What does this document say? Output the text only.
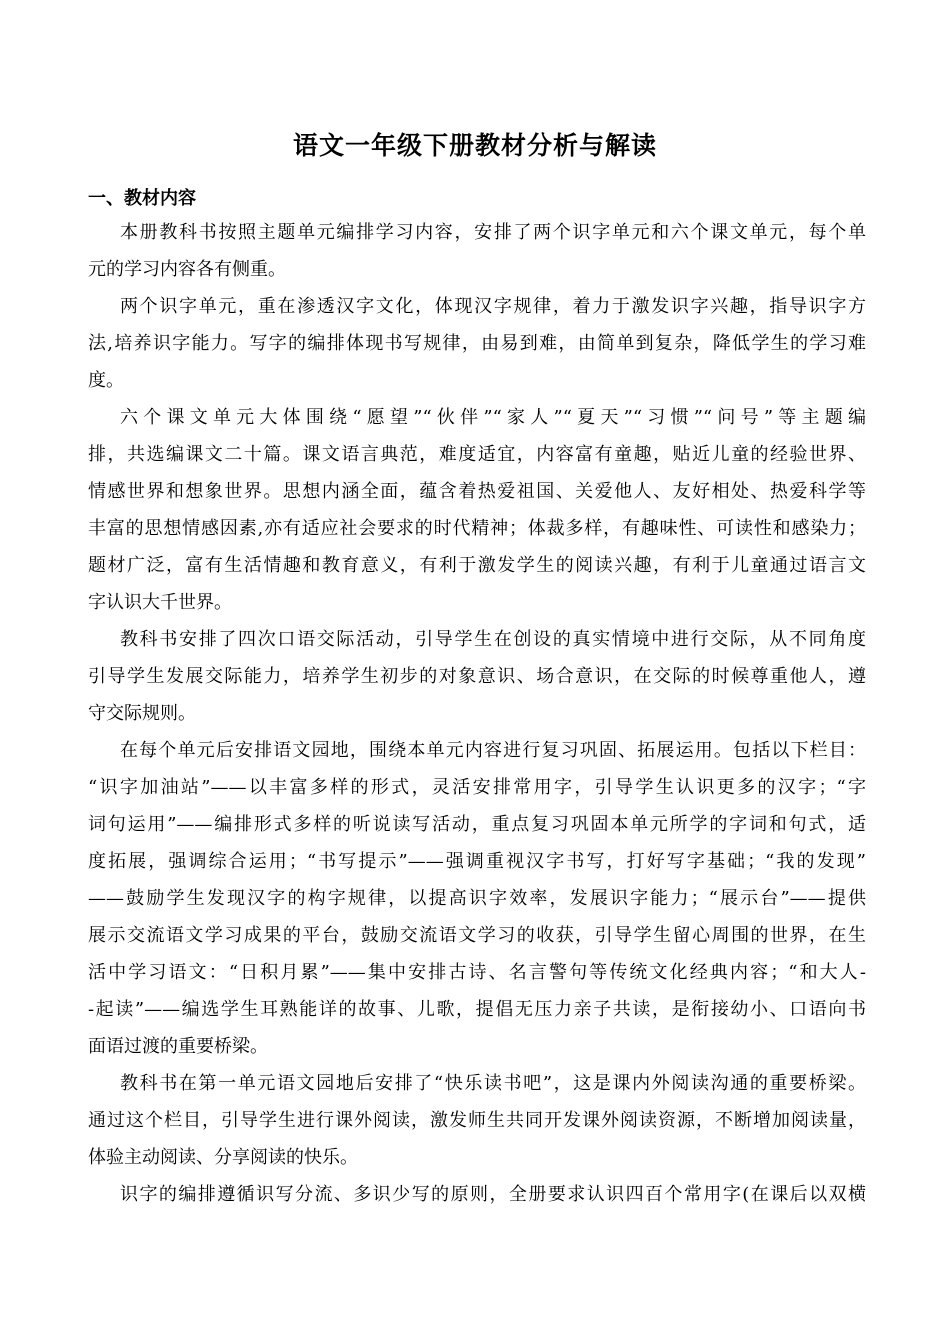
语文一年级下册教材分析与解读
一、教材内容
本册教科书按照主题单元编排学习内容，安排了两个识字单元和六个课文单元，每个单
元的学习内容各有侧重。
两个识字单元，重在渗透汉字文化，体现汉字规律，着力于激发识字兴趣，指导识字方
法,培养识字能力。写字的编排体现书写规律，由易到难，由简单到复杂，降低学生的学习难
度。
六个课文单元大体围绕“愿望”“伙伴”“家人”“夏天”“习惯”“问号”等主题编
排，共选编课文二十篇。课文语言典范，难度适宜，内容富有童趣，贴近儿童的经验世界、
情感世界和想象世界。思想内涵全面，蕴含着热爱祖国、关爱他人、友好相处、热爱科学等
丰富的思想情感因素,亦有适应社会要求的时代精神；体裁多样，有趣味性、可读性和感染力；
题材广泛，富有生活情趣和教育意义，有利于激发学生的阅读兴趣，有利于儿童通过语言文
字认识大千世界。
教科书安排了四次口语交际活动，引导学生在创设的真实情境中进行交际，从不同角度
引导学生发展交际能力，培养学生初步的对象意识、场合意识，在交际的时候尊重他人，遵
守交际规则。
在每个单元后安排语文园地，围绕本单元内容进行复习巩固、拓展运用。包括以下栏目：
“识字加油站”——以丰富多样的形式，灵活安排常用字，引导学生认识更多的汉字；“字
词句运用”——编排形式多样的听说读写活动，重点复习巩固本单元所学的字词和句式，适
度拓展，强调综合运用；“书写提示”——强调重视汉字书写，打好写字基础；“我的发现”
——鼓励学生发现汉字的构字规律，以提高识字效率，发展识字能力；“展示台”——提供
展示交流语文学习成果的平台，鼓励交流语文学习的收获，引导学生留心周围的世界，在生
活中学习语文：“日积月累”——集中安排古诗、名言警句等传统文化经典内容；“和大人-
-起读”——编选学生耳熟能详的故事、儿歌，提倡无压力亲子共读，是衔接幼小、口语向书
面语过渡的重要桥梁。
教科书在第一单元语文园地后安排了“快乐读书吧”，这是课内外阅读沟通的重要桥梁。
通过这个栏目，引导学生进行课外阅读，激发师生共同开发课外阅读资源，不断增加阅读量，
体验主动阅读、分享阅读的快乐。
识字的编排遵循识写分流、多识少写的原则，全册要求认识四百个常用字(在课后以双横
